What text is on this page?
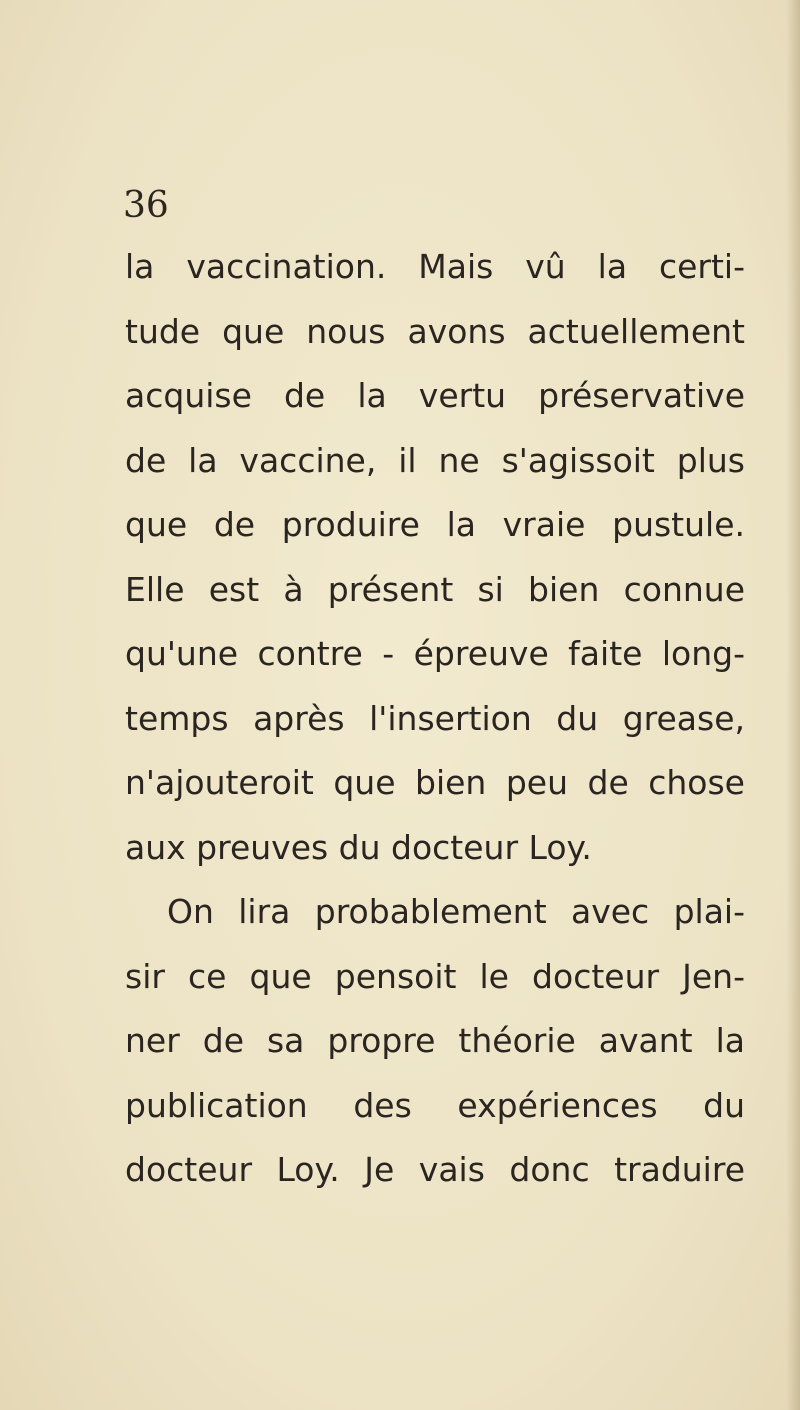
36
la vaccination. Mais vû la certi-
tude que nous avons actuellement
acquise de la vertu préservative
de la vaccine, il ne s'agissoit plus
que de produire la vraie pustule.
Elle est à présent si bien connue
qu'une contre - épreuve faite long-
temps après l'insertion du grease,
n'ajouteroit que bien peu de chose
aux preuves du docteur Loy.
On lira probablement avec plai-
sir ce que pensoit le docteur Jen-
ner de sa propre théorie avant la
publication des expériences du
docteur Loy. Je vais donc traduire
